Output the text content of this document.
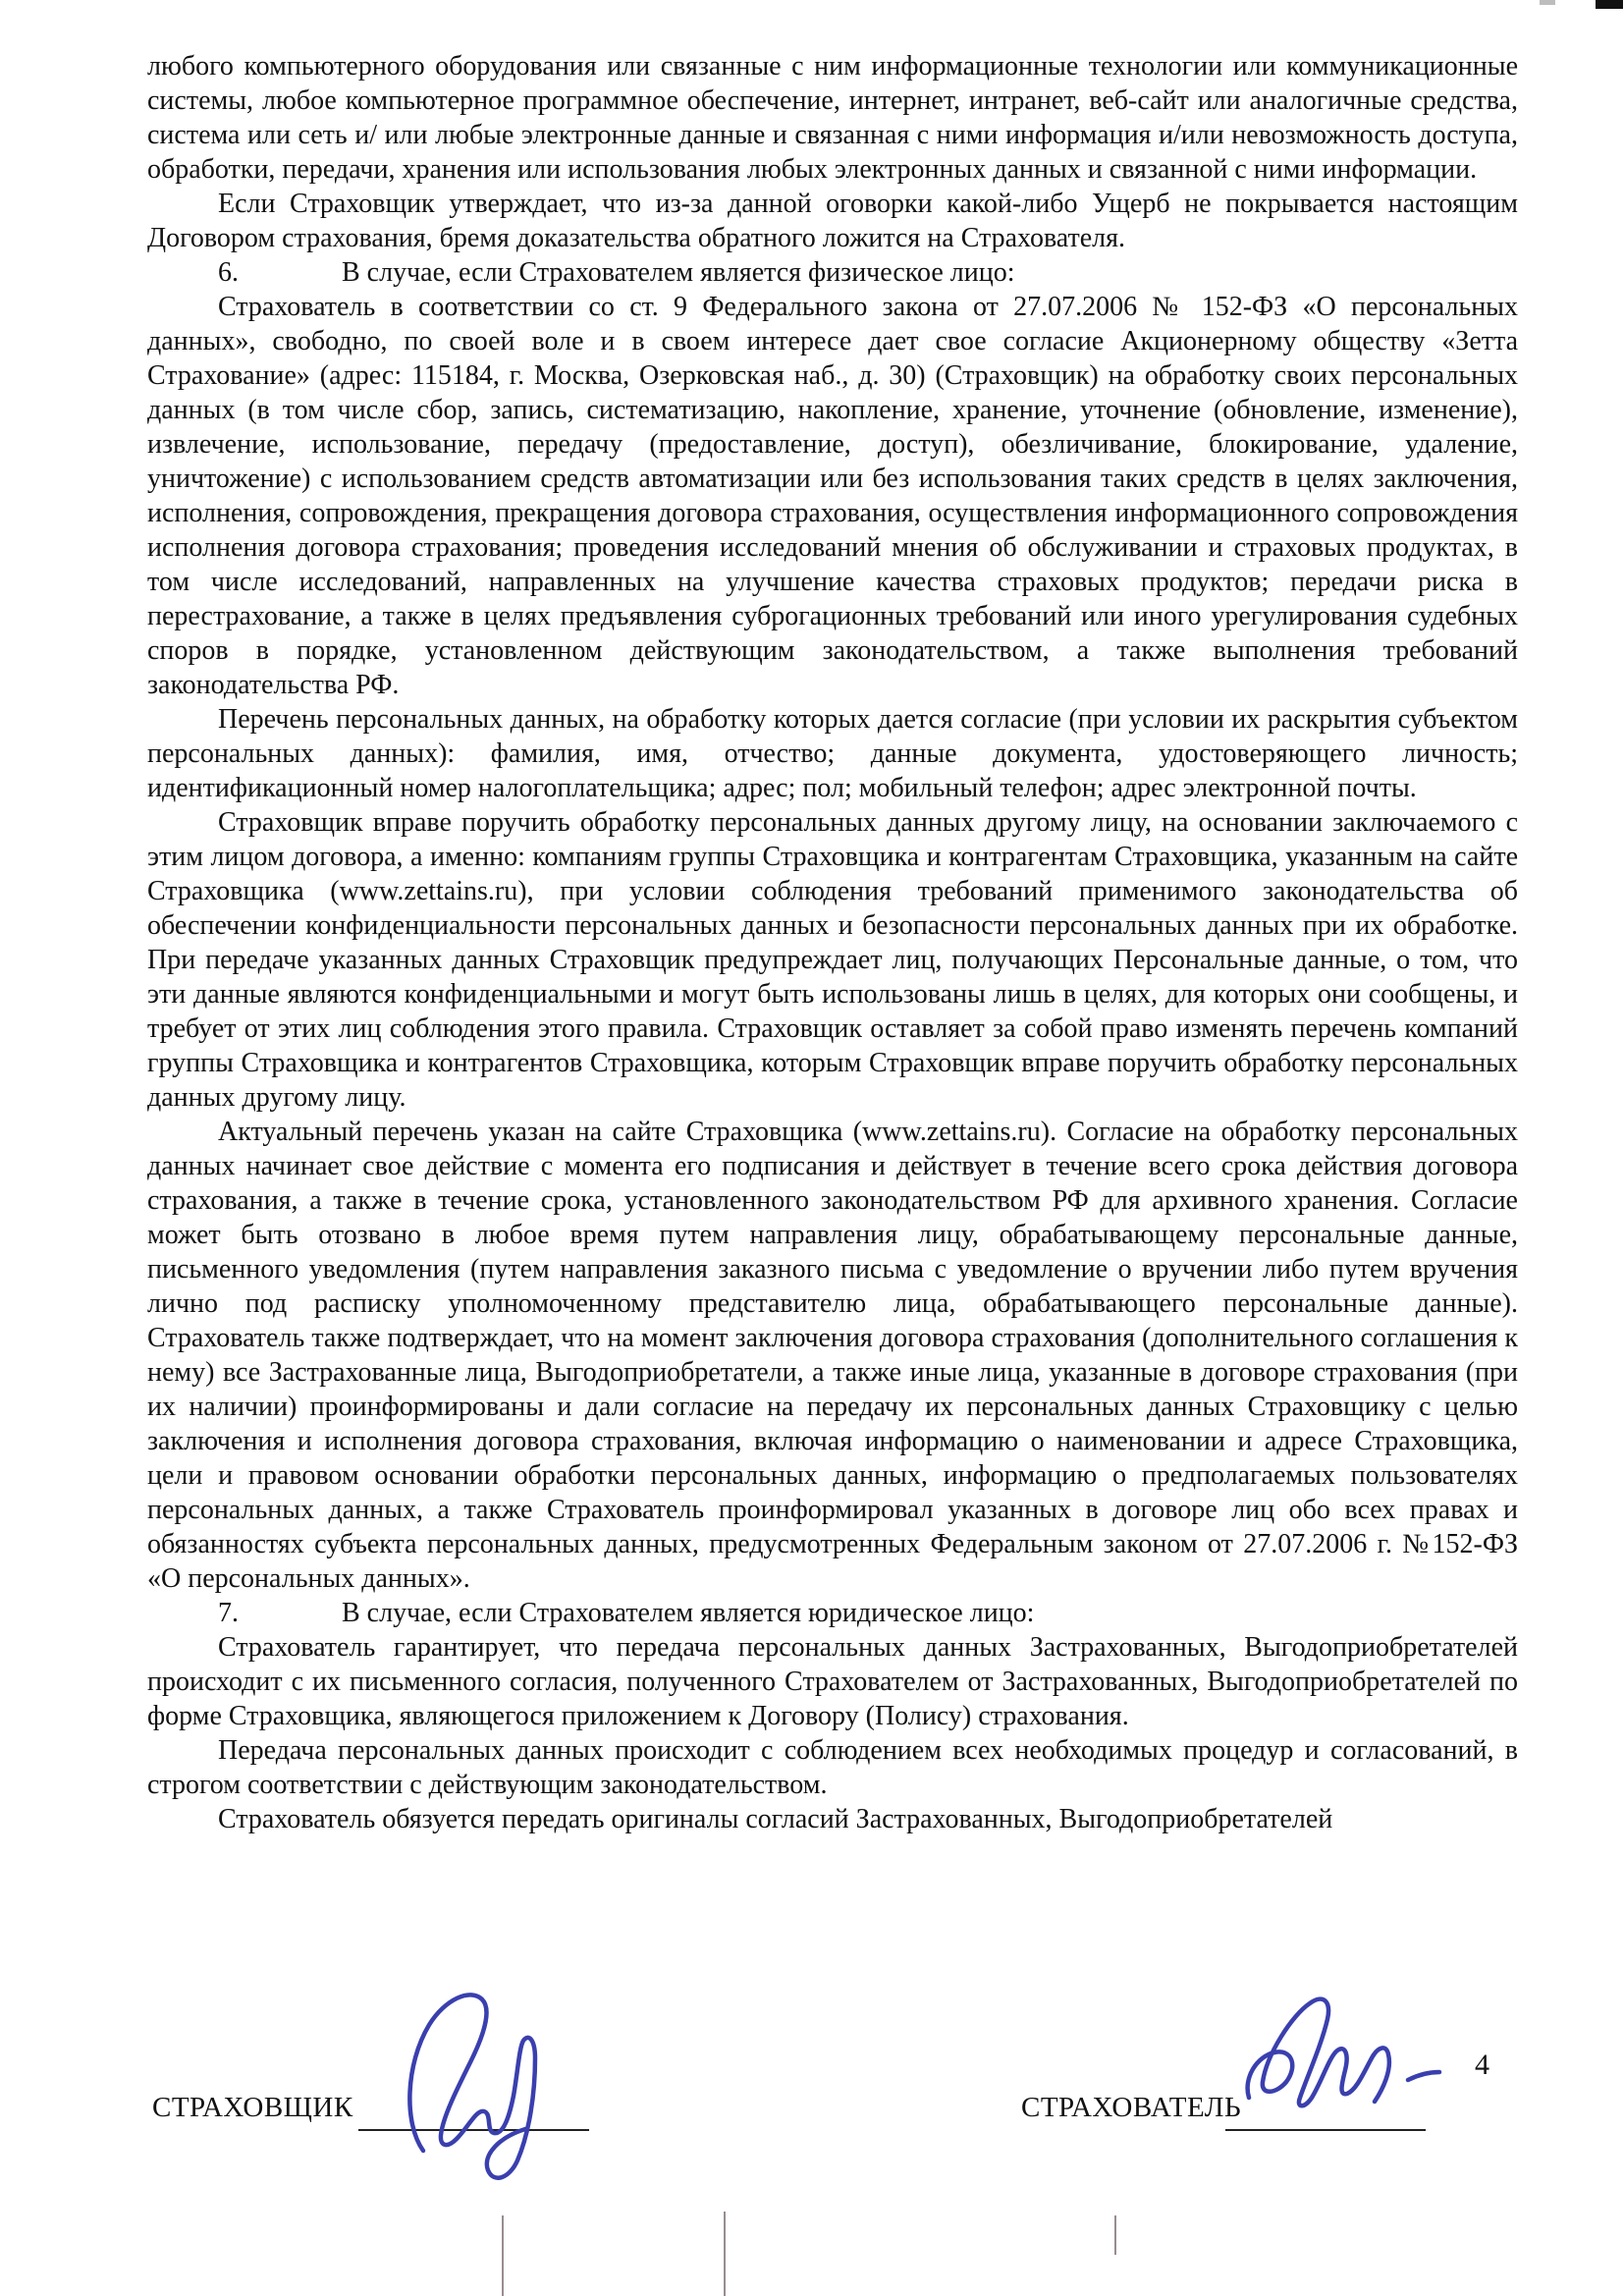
любого компьютерного оборудования или связанные с ним информационные технологии или коммуникационные системы, любое компьютерное программное обеспечение, интернет, интранет, веб-сайт или аналогичные средства, система или сеть и/ или любые электронные данные и связанная с ними информация и/или невозможность доступа, обработки, передачи, хранения или использования любых электронных данных и связанной с ними информации.

Если Страховщик утверждает, что из-за данной оговорки какой-либо Ущерб не покрывается настоящим Договором страхования, бремя доказательства обратного ложится на Страхователя.

6.	В случае, если Страхователем является физическое лицо:

Страхователь в соответствии со ст. 9 Федерального закона от 27.07.2006 № 152-ФЗ «О персональных данных», свободно, по своей воле и в своем интересе дает свое согласие Акционерному обществу «Зетта Страхование» (адрес: 115184, г. Москва, Озерковская наб., д. 30) (Страховщик) на обработку своих персональных данных (в том числе сбор, запись, систематизацию, накопление, хранение, уточнение (обновление, изменение), извлечение, использование, передачу (предоставление, доступ), обезличивание, блокирование, удаление, уничтожение) с использованием средств автоматизации или без использования таких средств в целях заключения, исполнения, сопровождения, прекращения договора страхования, осуществления информационного сопровождения исполнения договора страхования; проведения исследований мнения об обслуживании и страховых продуктах, в том числе исследований, направленных на улучшение качества страховых продуктов; передачи риска в перестрахование, а также в целях предъявления суброгационных требований или иного урегулирования судебных споров в порядке, установленном действующим законодательством, а также выполнения требований законодательства РФ.

Перечень персональных данных, на обработку которых дается согласие (при условии их раскрытия субъектом персональных данных): фамилия, имя, отчество; данные документа, удостоверяющего личность; идентификационный номер налогоплательщика; адрес; пол; мобильный телефон; адрес электронной почты.

Страховщик вправе поручить обработку персональных данных другому лицу, на основании заключаемого с этим лицом договора, а именно: компаниям группы Страховщика и контрагентам Страховщика, указанным на сайте Страховщика (www.zettains.ru), при условии соблюдения требований применимого законодательства об обеспечении конфиденциальности персональных данных и безопасности персональных данных при их обработке. При передаче указанных данных Страховщик предупреждает лиц, получающих Персональные данные, о том, что эти данные являются конфиденциальными и могут быть использованы лишь в целях, для которых они сообщены, и требует от этих лиц соблюдения этого правила. Страховщик оставляет за собой право изменять перечень компаний группы Страховщика и контрагентов Страховщика, которым Страховщик вправе поручить обработку персональных данных другому лицу.

Актуальный перечень указан на сайте Страховщика (www.zettains.ru). Согласие на обработку персональных данных начинает свое действие с момента его подписания и действует в течение всего срока действия договора страхования, а также в течение срока, установленного законодательством РФ для архивного хранения. Согласие может быть отозвано в любое время путем направления лицу, обрабатывающему персональные данные, письменного уведомления (путем направления заказного письма с уведомление о вручении либо путем вручения лично под расписку уполномоченному представителю лица, обрабатывающего персональные данные). Страхователь также подтверждает, что на момент заключения договора страхования (дополнительного соглашения к нему) все Застрахованные лица, Выгодоприобретатели, а также иные лица, указанные в договоре страхования (при их наличии) проинформированы и дали согласие на передачу их персональных данных Страховщику с целью заключения и исполнения договора страхования, включая информацию о наименовании и адресе Страховщика, цели и правовом основании обработки персональных данных, информацию о предполагаемых пользователях персональных данных, а также Страхователь проинформировал указанных в договоре лиц обо всех правах и обязанностях субъекта персональных данных, предусмотренных Федеральным законом от 27.07.2006 г. №152-ФЗ «О персональных данных».

7.	В случае, если Страхователем является юридическое лицо:

Страхователь гарантирует, что передача персональных данных Застрахованных, Выгодоприобретателей происходит с их письменного согласия, полученного Страхователем от Застрахованных, Выгодоприобретателей по форме Страховщика, являющегося приложением к Договору (Полису) страхования.

Передача персональных данных происходит с соблюдением всех необходимых процедур и согласований, в строгом соответствии с действующим законодательством.

Страхователь обязуется передать оригиналы согласий Застрахованных, Выгодоприобретателей

СТРАХОВЩИК	СТРАХОВАТЕЛЬ
4
